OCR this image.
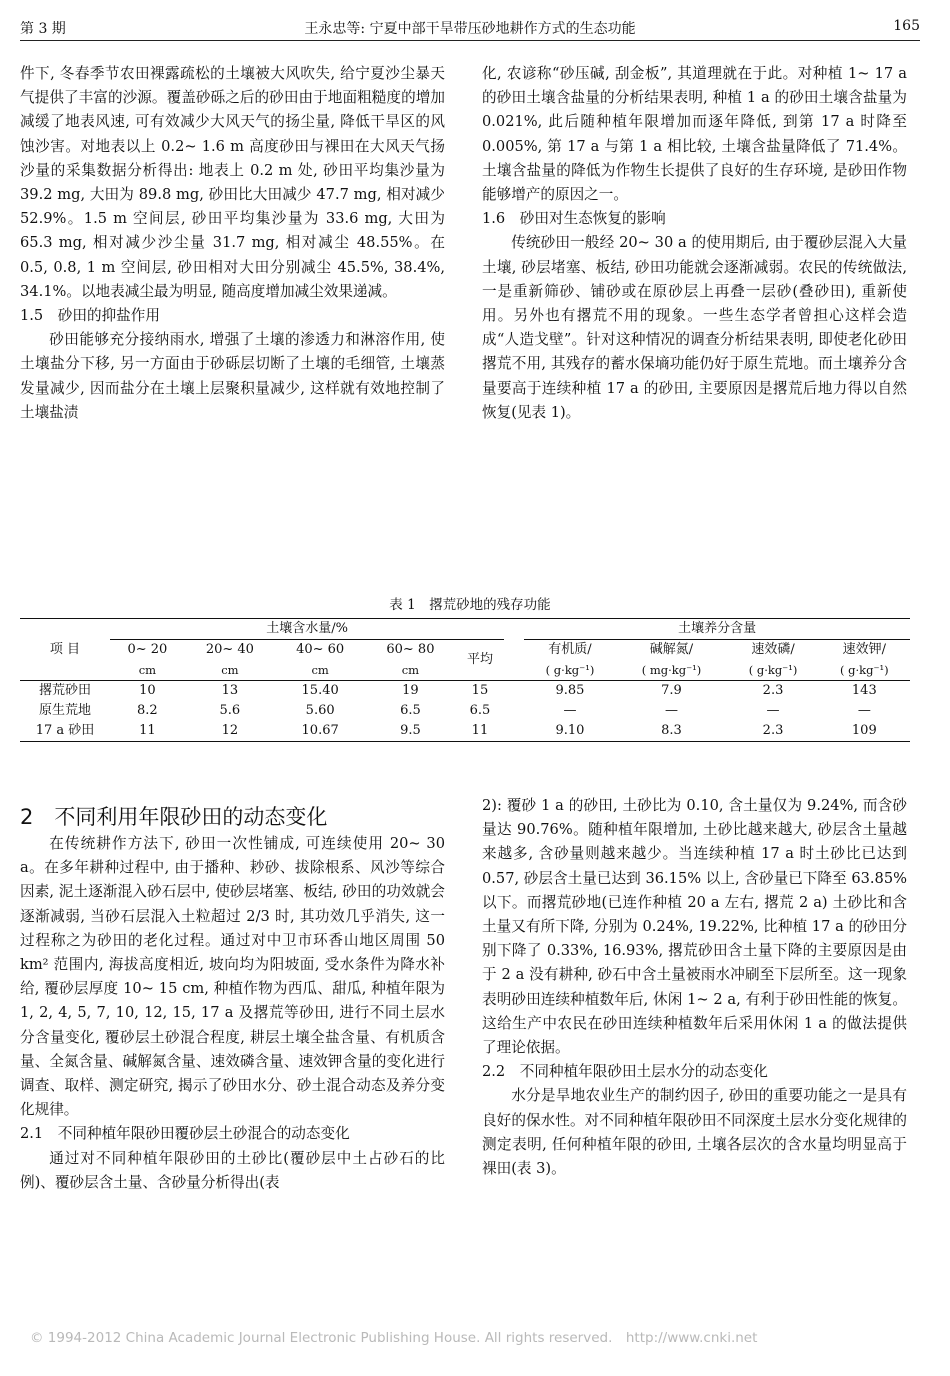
第 3 期	王永忠等: 宁夏中部干旱带压砂地耕作方式的生态功能	165

件下, 冬春季节农田裸露疏松的土壤被大风吹失, 给宁夏沙尘暴天气提供了丰富的沙源。覆盖砂砾之后的砂田由于地面粗糙度的增加减缓了地表风速, 可有效减少大风天气的扬尘量, 降低干旱区的风蚀沙害。对地表以上 0.2~ 1.6 m 高度砂田与裸田在大风天气扬沙量的采集数据分析得出: 地表上 0.2 m 处, 砂田平均集沙量为 39.2 mg, 大田为 89.8 mg, 砂田比大田减少 47.7 mg, 相对减少 52.9%。1.5 m 空间层, 砂田平均集沙量为 33.6 mg, 大田为 65.3 mg, 相对减少沙尘量 31.7 mg, 相对减尘 48.55%。在 0.5, 0.8, 1 m 空间层, 砂田相对大田分别减尘 45.5%, 38.4%, 34.1%。以地表减尘最为明显, 随高度增加减尘效果递减。

1.5　砂田的抑盐作用

砂田能够充分接纳雨水, 增强了土壤的渗透力和淋溶作用, 使土壤盐分下移, 另一方面由于砂砾层切断了土壤的毛细管, 土壤蒸发量减少, 因而盐分在土壤上层聚积量减少, 这样就有效地控制了土壤盐渍

化, 农谚称“砂压碱, 刮金板”, 其道理就在于此。对种植 1~ 17 a 的砂田土壤含盐量的分析结果表明, 种植 1 a 的砂田土壤含盐量为 0.021%, 此后随种植年限增加而逐年降低, 到第 17 a 时降至 0.005%, 第 17 a 与第 1 a 相比较, 土壤含盐量降低了 71.4%。土壤含盐量的降低为作物生长提供了良好的生存环境, 是砂田作物能够增产的原因之一。

1.6　砂田对生态恢复的影响

传统砂田一般经 20~ 30 a 的使用期后, 由于覆砂层混入大量土壤, 砂层堵塞、板结, 砂田功能就会逐渐减弱。农民的传统做法, 一是重新筛砂、铺砂或在原砂层上再叠一层砂(叠砂田), 重新使用。另外也有撂荒不用的现象。一些生态学者曾担心这样会造成“人造戈壁”。针对这种情况的调查分析结果表明, 即使老化砂田撂荒不用, 其残存的蓄水保墒功能仍好于原生荒地。而土壤养分含量要高于连续种植 17 a 的砂田, 主要原因是撂荒后地力得以自然恢复(见表 1)。

表 1　撂荒砂地的残存功能
项 目	土壤含水量/%						土壤养分含量			
	0~ 20	20~ 40	40~ 60	60~ 80	平均		有机质/	碱解氮/	速效磷/	速效钾/
	cm	cm	cm	cm			( g·kg⁻¹)	( mg·kg⁻¹)	( g·kg⁻¹)	( g·kg⁻¹)
撂荒砂田	10	13	15.40	19	15		9.85	7.9	2.3	143
原生荒地	8.2	5.6	5.60	6.5	6.5		—	—	—	—
17 a 砂田	11	12	10.67	9.5	11		9.10	8.3	2.3	109

2　不同利用年限砂田的动态变化

在传统耕作方法下, 砂田一次性铺成, 可连续使用 20~ 30 a。在多年耕种过程中, 由于播种、耖砂、拔除根系、风沙等综合因素, 泥土逐渐混入砂石层中, 使砂层堵塞、板结, 砂田的功效就会逐渐减弱, 当砂石层混入土粒超过 2/3 时, 其功效几乎消失, 这一过程称之为砂田的老化过程。通过对中卫市环香山地区周围 50 km² 范围内, 海拔高度相近, 坡向均为阳坡面, 受水条件为降水补给, 覆砂层厚度 10~ 15 cm, 种植作物为西瓜、甜瓜, 种植年限为 1, 2, 4, 5, 7, 10, 12, 15, 17 a 及撂荒等砂田, 进行不同土层水分含量变化, 覆砂层土砂混合程度, 耕层土壤全盐含量、有机质含量、全氮含量、碱解氮含量、速效磷含量、速效钾含量的变化进行调查、取样、测定研究, 揭示了砂田水分、砂土混合动态及养分变化规律。

2.1　不同种植年限砂田覆砂层土砂混合的动态变化

通过对不同种植年限砂田的土砂比(覆砂层中土占砂石的比例)、覆砂层含土量、含砂量分析得出(表

2): 覆砂 1 a 的砂田, 土砂比为 0.10, 含土量仅为 9.24%, 而含砂量达 90.76%。随种植年限增加, 土砂比越来越大, 砂层含土量越来越多, 含砂量则越来越少。当连续种植 17 a 时土砂比已达到 0.57, 砂层含土量已达到 36.15% 以上, 含砂量已下降至 63.85% 以下。而撂荒砂地(已连作种植 20 a 左右, 撂荒 2 a) 土砂比和含土量又有所下降, 分别为 0.24%, 19.22%, 比种植 17 a 的砂田分别下降了 0.33%, 16.93%, 撂荒砂田含土量下降的主要原因是由于 2 a 没有耕种, 砂石中含土量被雨水冲刷至下层所至。这一现象表明砂田连续种植数年后, 休闲 1~ 2 a, 有利于砂田性能的恢复。这给生产中农民在砂田连续种植数年后采用休闲 1 a 的做法提供了理论依据。

2.2　不同种植年限砂田土层水分的动态变化

水分是旱地农业生产的制约因子, 砂田的重要功能之一是具有良好的保水性。对不同种植年限砂田不同深度土层水分变化规律的测定表明, 任何种植年限的砂田, 土壤各层次的含水量均明显高于裸田(表 3)。

© 1994-2012 China Academic Journal Electronic Publishing House. All rights reserved.　http://www.cnki.net
